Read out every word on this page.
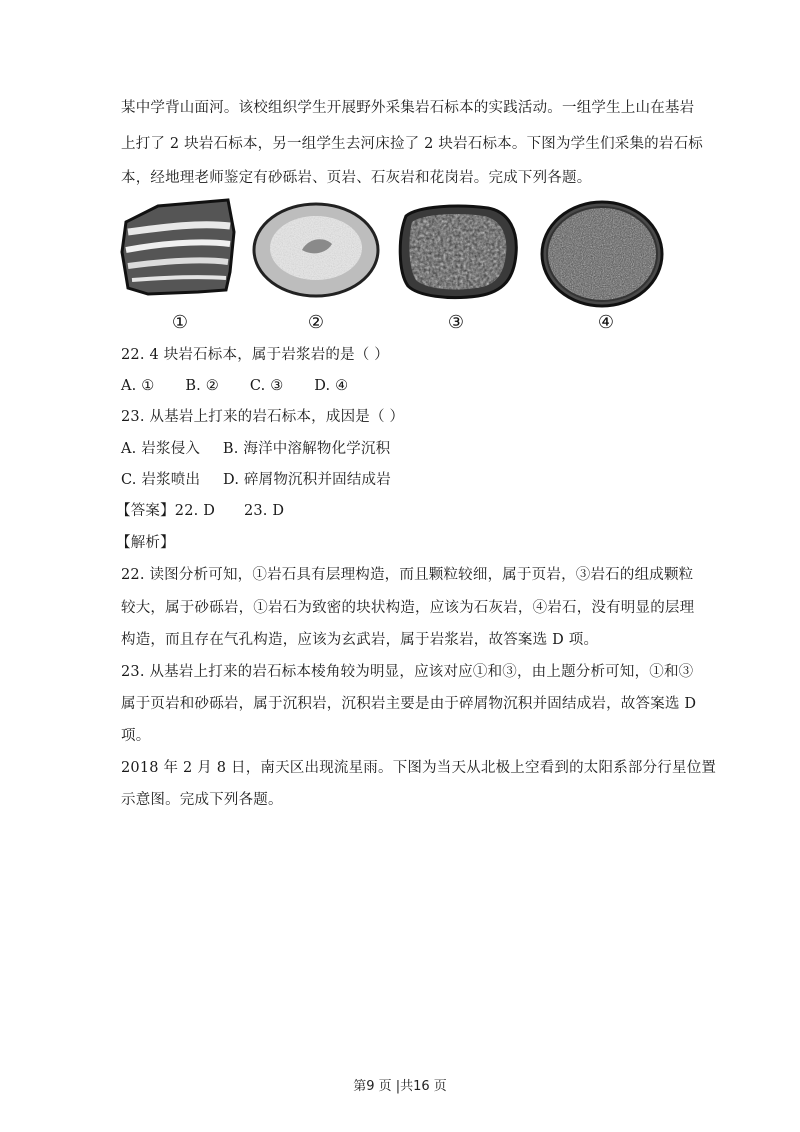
某中学背山面河。该校组织学生开展野外采集岩石标本的实践活动。一组学生上山在基岩
上打了 2 块岩石标本，另一组学生去河床捡了 2 块岩石标本。下图为学生们采集的岩石标
本，经地理老师鉴定有砂砾岩、页岩、石灰岩和花岗岩。完成下列各题。
①	②	③	④
22. 4 块岩石标本，属于岩浆岩的是（ ）
A. ① B. ② C. ③ D. ④
23. 从基岩上打来的岩石标本，成因是（ ）
A. 岩浆侵入 B. 海洋中溶解物化学沉积
C. 岩浆喷出 D. 碎屑物沉积并固结成岩
【答案】22. D      23. D
【解析】
22. 读图分析可知，①岩石具有层理构造，而且颗粒较细，属于页岩，③岩石的组成颗粒
较大，属于砂砾岩，①岩石为致密的块状构造，应该为石灰岩，④岩石，没有明显的层理
构造，而且存在气孔构造，应该为玄武岩，属于岩浆岩，故答案选 D 项。
23. 从基岩上打来的岩石标本棱角较为明显，应该对应①和③，由上题分析可知，①和③
属于页岩和砂砾岩，属于沉积岩，沉积岩主要是由于碎屑物沉积并固结成岩，故答案选 D
项。
2018 年 2 月 8 日，南天区出现流星雨。下图为当天从北极上空看到的太阳系部分行星位置
示意图。完成下列各题。
第9 页 |共16 页
